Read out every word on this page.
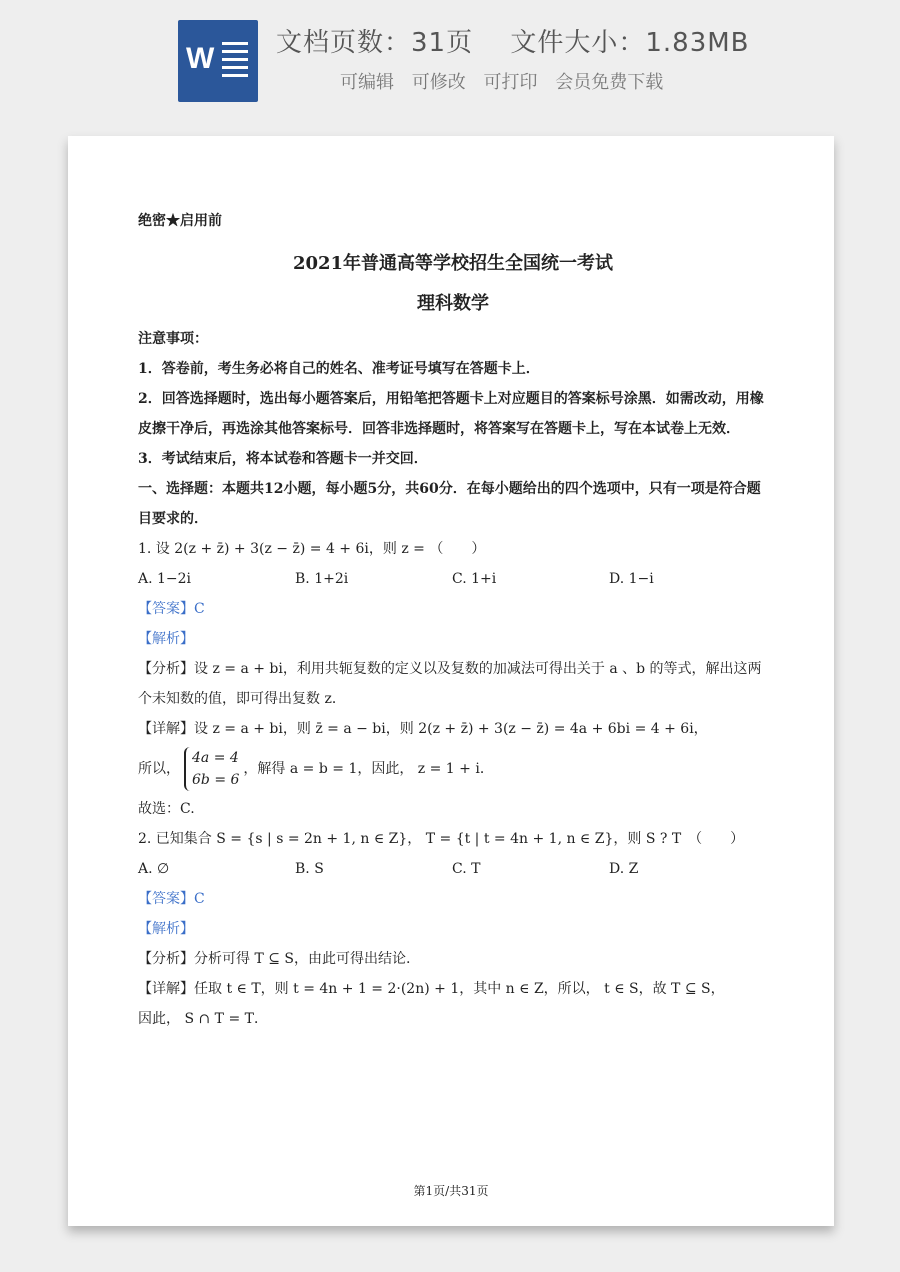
W 文档页数：31页 文件大小：1.83MB
可编辑 可修改 可打印 会员免费下载

绝密★启用前

2021年普通高等学校招生全国统一考试
理科数学

注意事项：

1．答卷前，考生务必将自己的姓名、准考证号填写在答题卡上．

2．回答选择题时，选出每小题答案后，用铅笔把答题卡上对应题目的答案标号涂黑．如需改动，用橡皮擦干净后，再选涂其他答案标号．回答非选择题时，将答案写在答题卡上，写在本试卷上无效．

3．考试结束后，将本试卷和答题卡一并交回．

一、选择题：本题共12小题，每小题5分，共60分．在每小题给出的四个选项中，只有一项是符合题目要求的．

1. 设 2(z + z̄) + 3(z − z̄) = 4 + 6i，则 z = （　　）

A. 1−2i	B. 1+2i	C. 1+i	D. 1−i

【答案】C

【解析】

【分析】设 z = a + bi，利用共轭复数的定义以及复数的加减法可得出关于 a 、b 的等式，解出这两个未知数的值，即可得出复数 z．

【详解】设 z = a + bi，则 z̄ = a − bi，则 2(z + z̄) + 3(z − z̄) = 4a + 6bi = 4 + 6i，

所以，4a = 4
6b = 6，解得 a = b = 1，因此， z = 1 + i．

故选：C.

2. 已知集合 S = {s | s = 2n + 1, n ∈ Z}， T = {t | t = 4n + 1, n ∈ Z}，则 S ? T　（　　）

A. ∅	B. S	C. T	D. Z

【答案】C

【解析】

【分析】分析可得 T ⊆ S，由此可得出结论.

【详解】任取 t ∈ T，则 t = 4n + 1 = 2·(2n) + 1，其中 n ∈ Z，所以， t ∈ S，故 T ⊆ S，

因此， S ∩ T = T．

第1页/共31页
